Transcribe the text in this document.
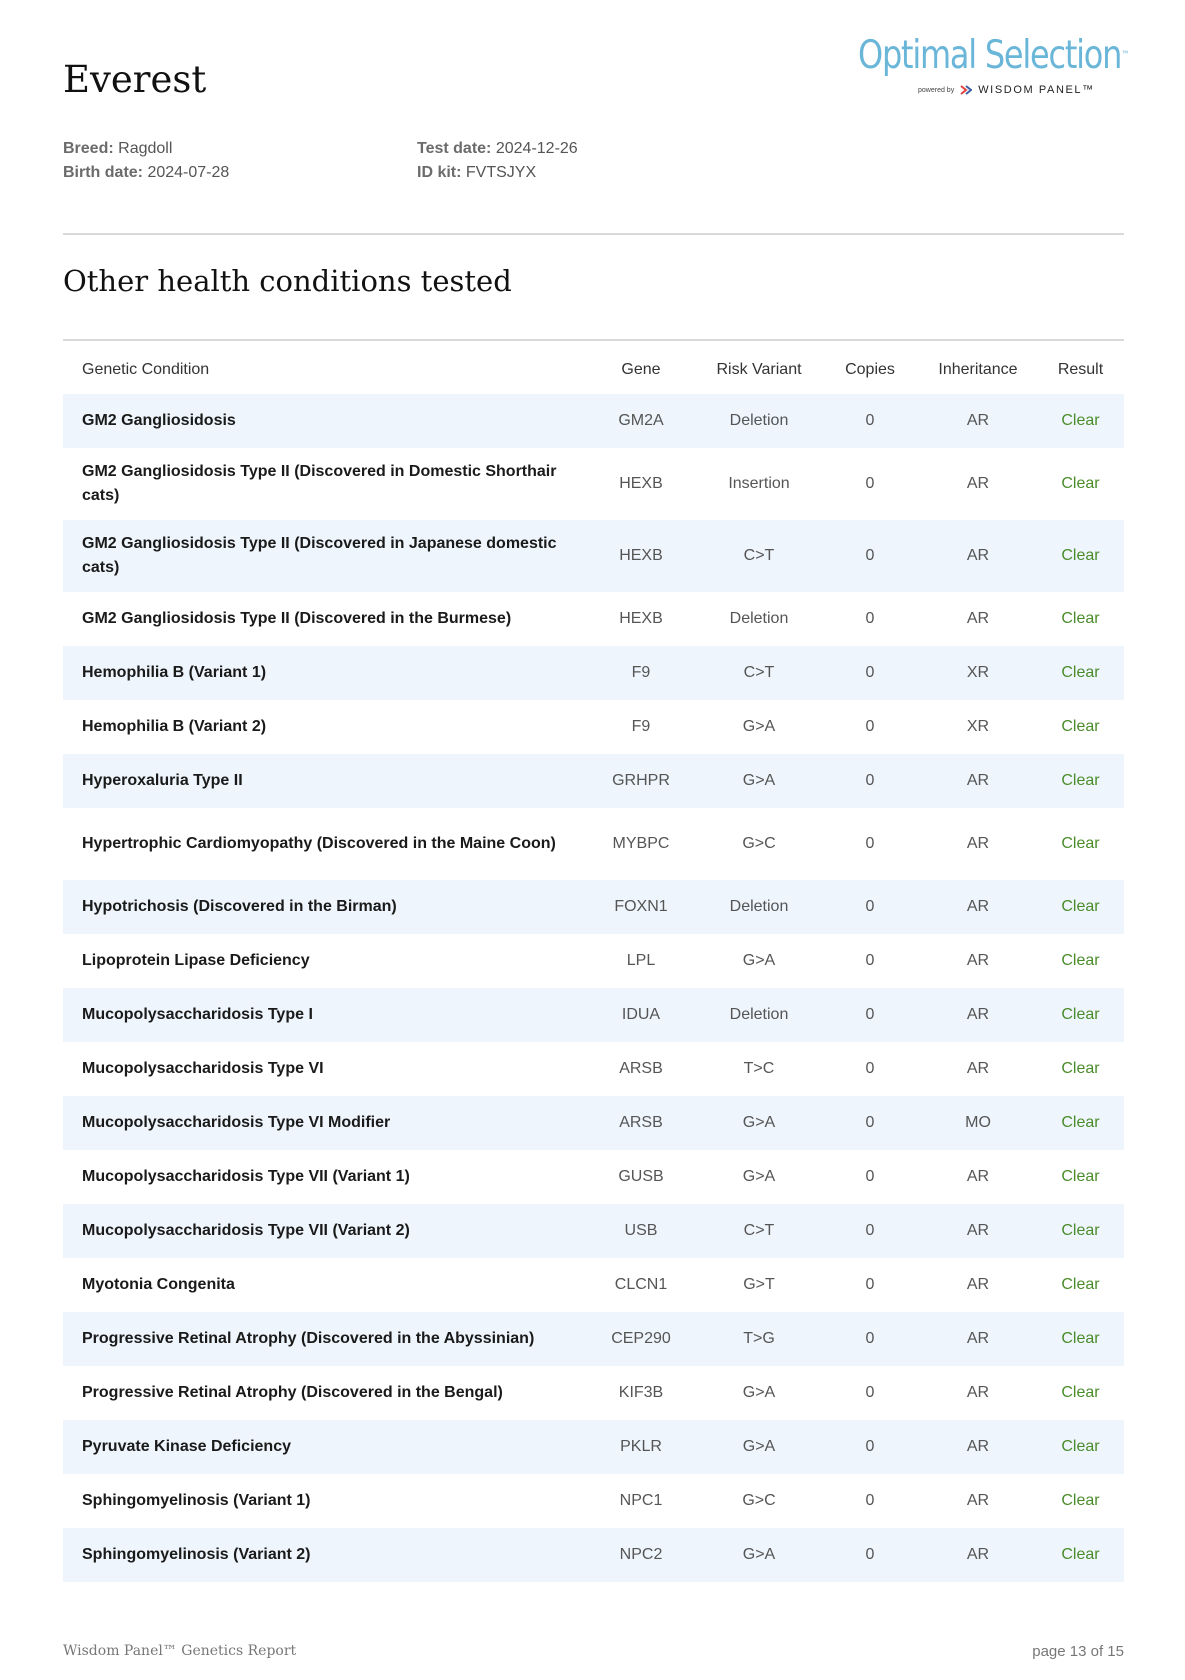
Everest
Optimal Selection™
powered by WISDOM PANEL™
Breed: Ragdoll
Birth date: 2024-07-28
Test date: 2024-12-26
ID kit: FVTSJYX
Other health conditions tested
Genetic Condition	Gene	Risk Variant	Copies	Inheritance	Result
GM2 Gangliosidosis	GM2A	Deletion	0	AR	Clear
GM2 Gangliosidosis Type II (Discovered in Domestic Shorthair cats)	HEXB	Insertion	0	AR	Clear
GM2 Gangliosidosis Type II (Discovered in Japanese domestic cats)	HEXB	C>T	0	AR	Clear
GM2 Gangliosidosis Type II (Discovered in the Burmese)	HEXB	Deletion	0	AR	Clear
Hemophilia B (Variant 1)	F9	C>T	0	XR	Clear
Hemophilia B (Variant 2)	F9	G>A	0	XR	Clear
Hyperoxaluria Type II	GRHPR	G>A	0	AR	Clear
Hypertrophic Cardiomyopathy (Discovered in the Maine Coon)	MYBPC	G>C	0	AR	Clear
Hypotrichosis (Discovered in the Birman)	FOXN1	Deletion	0	AR	Clear
Lipoprotein Lipase Deficiency	LPL	G>A	0	AR	Clear
Mucopolysaccharidosis Type I	IDUA	Deletion	0	AR	Clear
Mucopolysaccharidosis Type VI	ARSB	T>C	0	AR	Clear
Mucopolysaccharidosis Type VI Modifier	ARSB	G>A	0	MO	Clear
Mucopolysaccharidosis Type VII (Variant 1)	GUSB	G>A	0	AR	Clear
Mucopolysaccharidosis Type VII (Variant 2)	USB	C>T	0	AR	Clear
Myotonia Congenita	CLCN1	G>T	0	AR	Clear
Progressive Retinal Atrophy (Discovered in the Abyssinian)	CEP290	T>G	0	AR	Clear
Progressive Retinal Atrophy (Discovered in the Bengal)	KIF3B	G>A	0	AR	Clear
Pyruvate Kinase Deficiency	PKLR	G>A	0	AR	Clear
Sphingomyelinosis (Variant 1)	NPC1	G>C	0	AR	Clear
Sphingomyelinosis (Variant 2)	NPC2	G>A	0	AR	Clear
Wisdom Panel™ Genetics Report	page 13 of 15
